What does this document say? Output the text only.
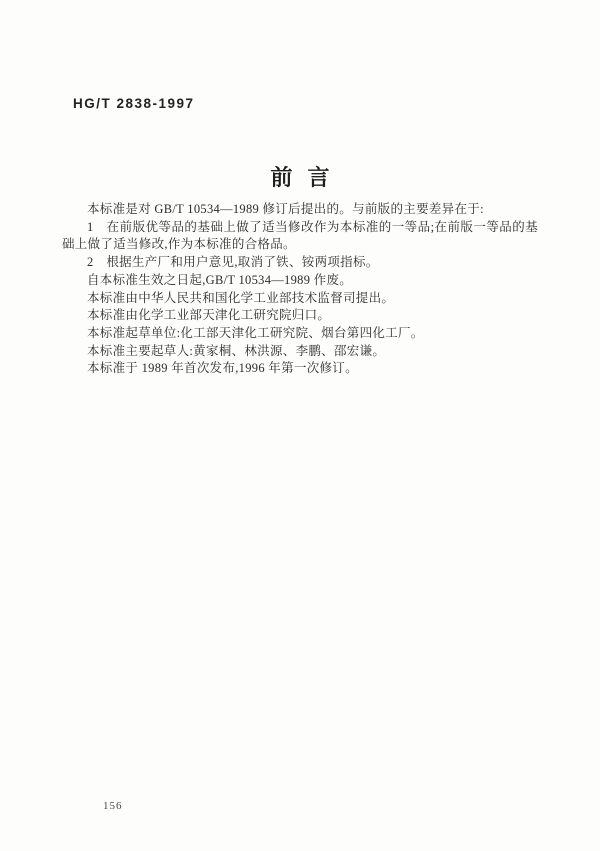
HG/T 2838-1997
前言

本标准是对 GB/T 10534—1989 修订后提出的。与前版的主要差异在于:

1　在前版优等品的基础上做了适当修改作为本标准的一等品;在前版一等品的基础上做了适当修改,作为本标准的合格品。

2　根据生产厂和用户意见,取消了铁、铵两项指标。

自本标准生效之日起,GB/T 10534—1989 作废。

本标准由中华人民共和国化学工业部技术监督司提出。

本标准由化学工业部天津化工研究院归口。

本标准起草单位:化工部天津化工研究院、烟台第四化工厂。

本标准主要起草人:黄家桐、林洪源、李鹏、邵宏谦。

本标准于 1989 年首次发布,1996 年第一次修订。

156
